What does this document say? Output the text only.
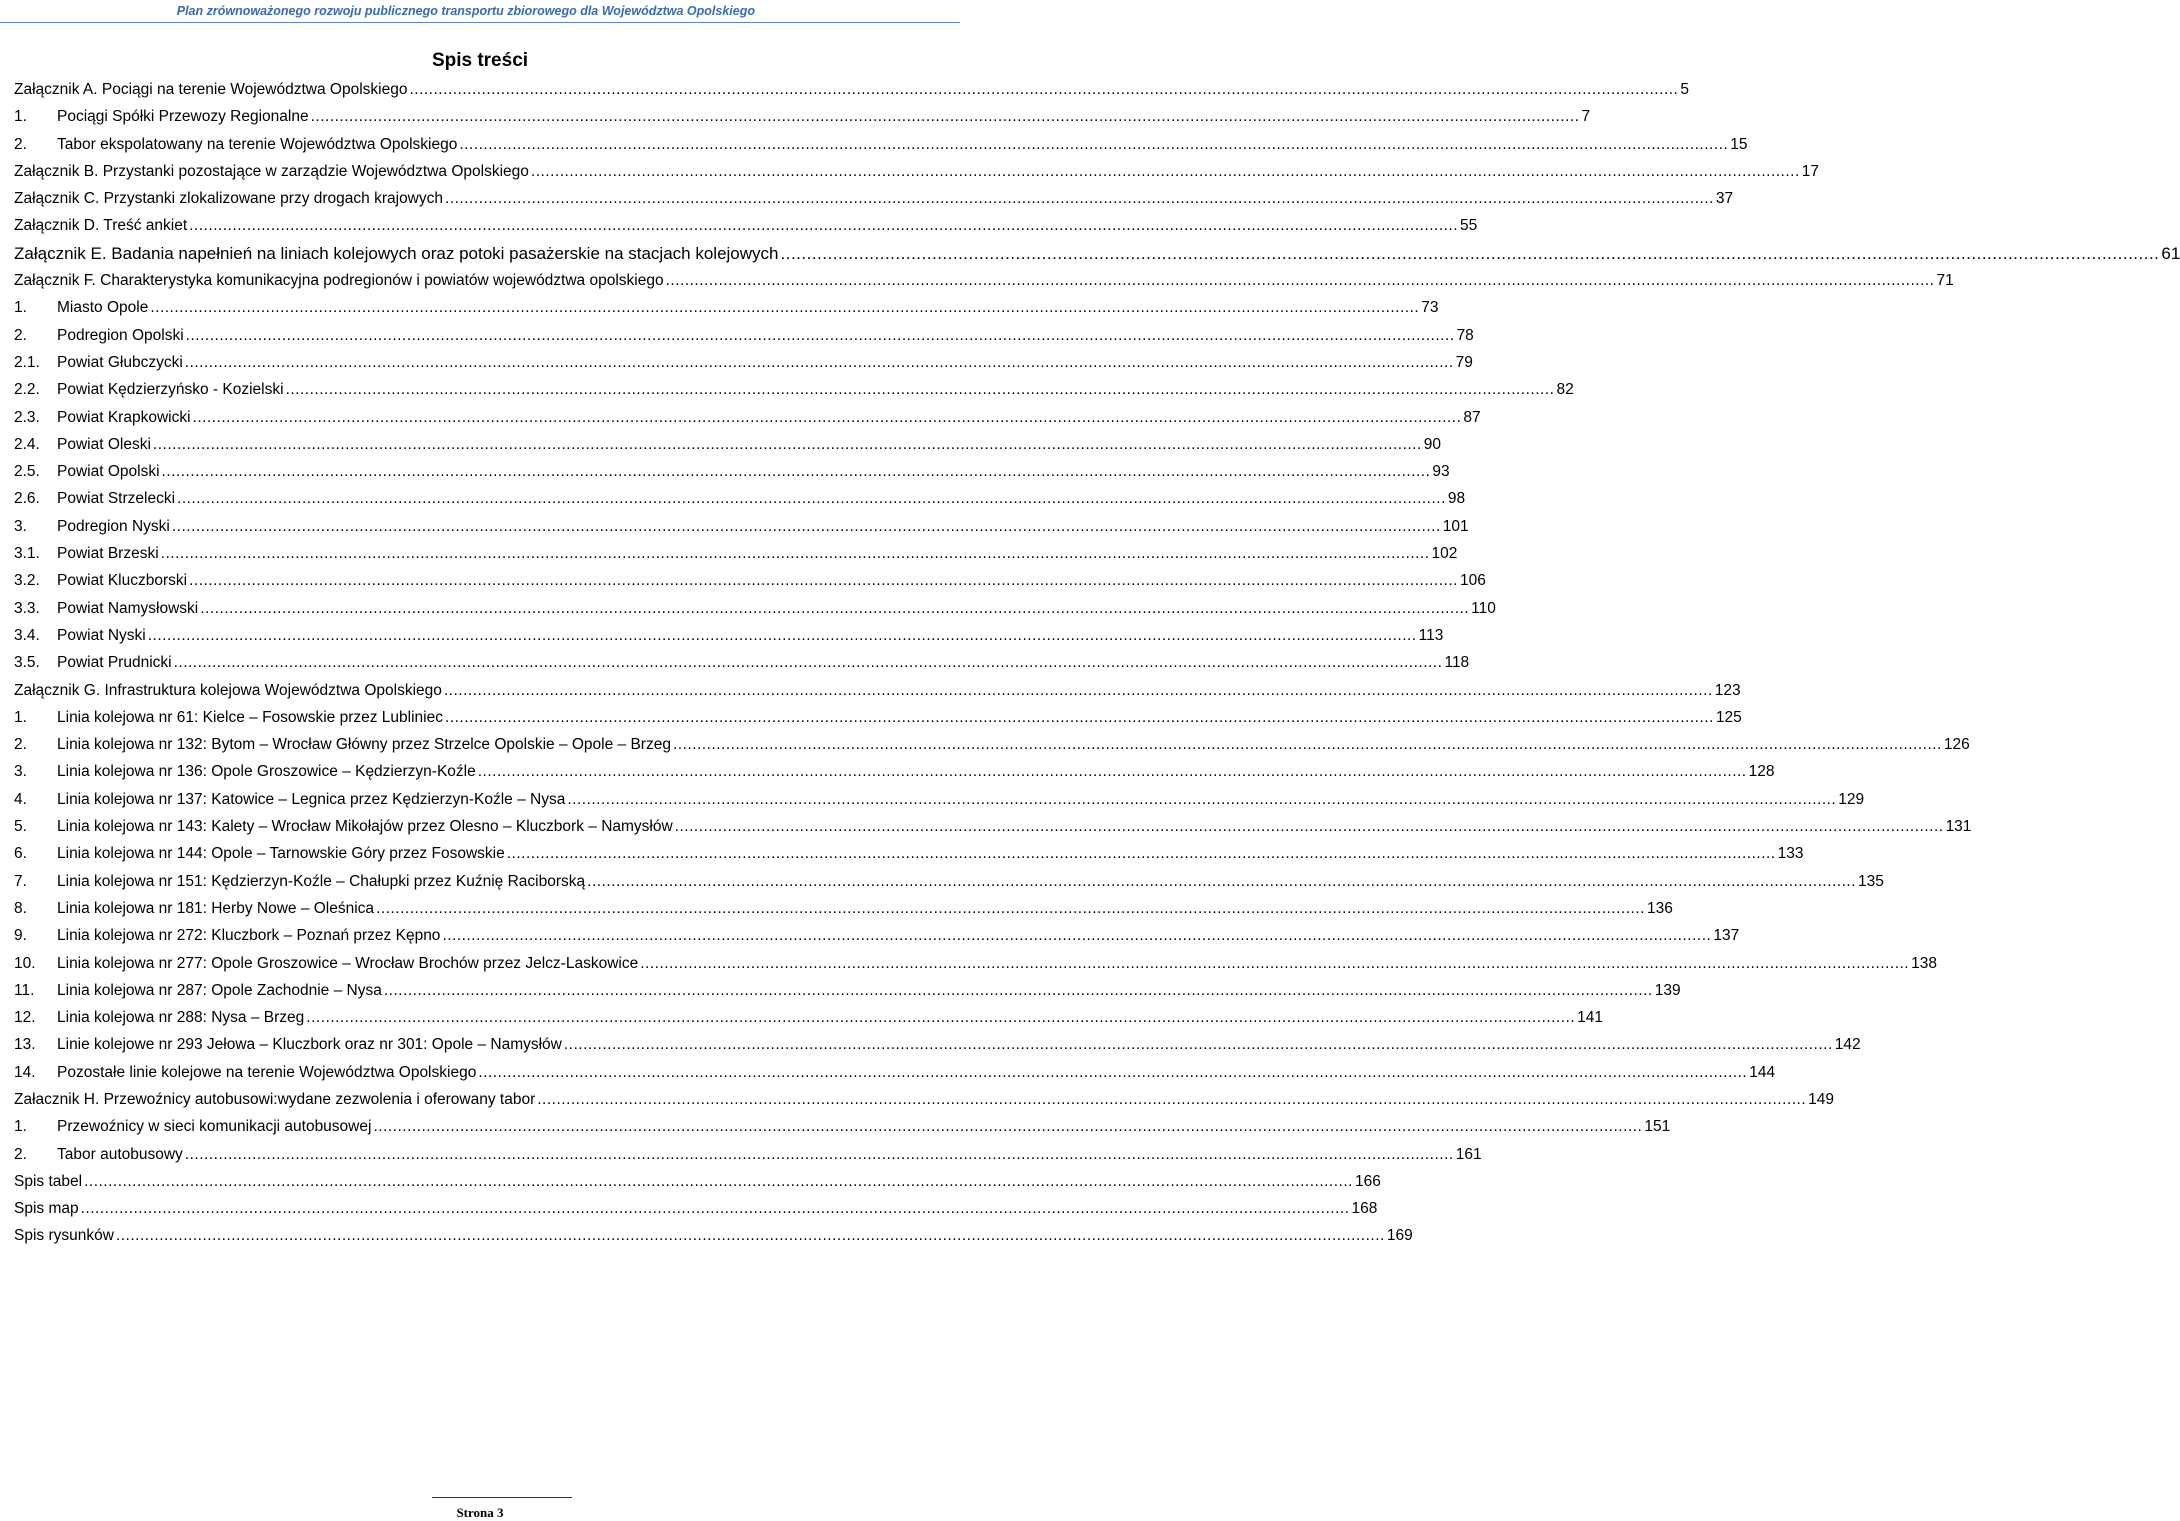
Plan zrównoważonego rozwoju publicznego transportu zbiorowego dla Województwa Opolskiego
Spis treści
Załącznik A. Pociągi na terenie Województwa Opolskiego .....	5
1.	Pociągi Spółki Przewozy Regionalne .....	7
2.	Tabor ekspolatowany na terenie Województwa Opolskiego .....	15
Załącznik B. Przystanki pozostające w zarządzie Województwa Opolskiego .....	17
Załącznik C. Przystanki zlokalizowane przy drogach krajowych .....	37
Załącznik D. Treść ankiet .....	55
Załącznik E. Badania napełnień na liniach kolejowych oraz potoki pasażerskie na stacjach kolejowych .....	61
Załącznik F. Charakterystyka komunikacyjna podregionów i powiatów województwa opolskiego .....	71
1.	Miasto Opole .....	73
2.	Podregion Opolski .....	78
2.1.	Powiat Głubczycki .....	79
2.2.	Powiat Kędzierzyńsko - Kozielski .....	82
2.3.	Powiat Krapkowicki .....	87
2.4.	Powiat Oleski .....	90
2.5.	Powiat Opolski .....	93
2.6.	Powiat Strzelecki .....	98
3.	Podregion Nyski .....	101
3.1.	Powiat Brzeski .....	102
3.2.	Powiat Kluczborski .....	106
3.3.	Powiat Namysłowski .....	110
3.4.	Powiat Nyski .....	113
3.5.	Powiat Prudnicki .....	118
Załącznik G. Infrastruktura kolejowa Województwa Opolskiego .....	123
1.	Linia kolejowa nr 61: Kielce – Fosowskie przez Lubliniec .....	125
2.	Linia kolejowa nr 132: Bytom – Wrocław Główny przez Strzelce Opolskie – Opole – Brzeg .....	126
3.	Linia kolejowa nr 136: Opole Groszowice – Kędzierzyn-Koźle .....	128
4.	Linia kolejowa nr 137: Katowice – Legnica przez Kędzierzyn-Koźle – Nysa .....	129
5.	Linia kolejowa nr 143: Kalety – Wrocław Mikołajów przez Olesno – Kluczbork – Namysłów .....	131
6.	Linia kolejowa nr 144: Opole – Tarnowskie Góry przez Fosowskie .....	133
7.	Linia kolejowa nr 151: Kędzierzyn-Koźle – Chałupki przez Kuźnię Raciborską .....	135
8.	Linia kolejowa nr 181: Herby Nowe – Oleśnica .....	136
9.	Linia kolejowa nr 272: Kluczbork – Poznań przez Kępno .....	137
10.	Linia kolejowa nr 277: Opole Groszowice – Wrocław Brochów przez Jelcz-Laskowice .....	138
11.	Linia kolejowa nr 287: Opole Zachodnie – Nysa .....	139
12.	Linia kolejowa nr 288: Nysa – Brzeg .....	141
13.	Linie kolejowe nr 293 Jełowa – Kluczbork oraz nr 301: Opole – Namysłów .....	142
14.	Pozostałe linie kolejowe na terenie Województwa Opolskiego .....	144
Załacznik H. Przewoźnicy autobusowi:wydane zezwolenia i oferowany tabor .....	149
1.	Przewoźnicy w sieci komunikacji autobusowej .....	151
2.	Tabor autobusowy .....	161
Spis tabel .....	166
Spis map .....	168
Spis rysunków .....	169
Strona 3
